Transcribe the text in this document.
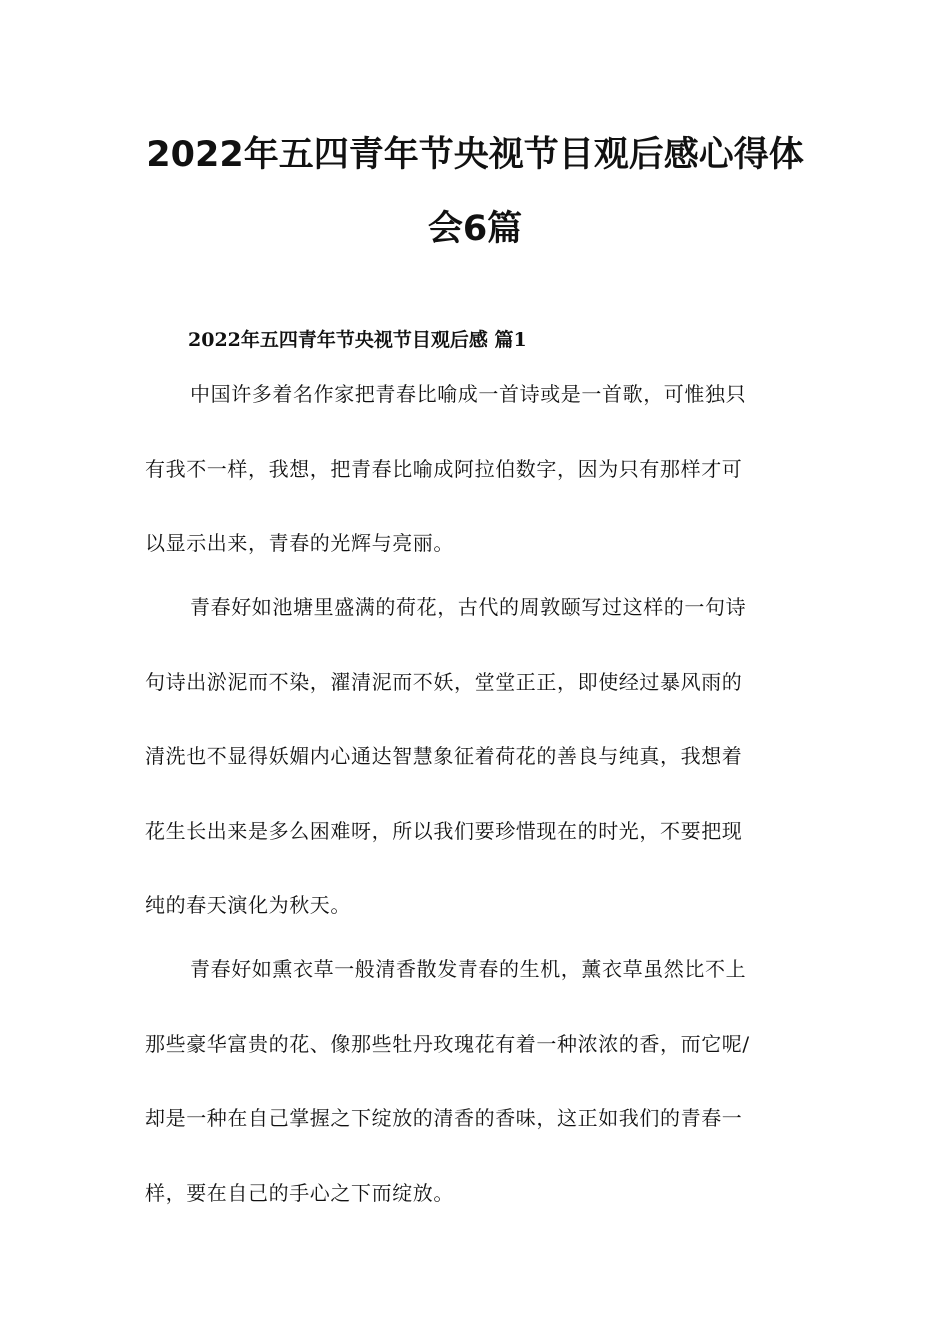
2022年五四青年节央视节目观后感心得体
会6篇
2022年五四青年节央视节目观后感 篇1

中国许多着名作家把青春比喻成一首诗或是一首歌，可惟独只

有我不一样，我想，把青春比喻成阿拉伯数字，因为只有那样才可

以显示出来，青春的光辉与亮丽。

青春好如池塘里盛满的荷花，古代的周敦颐写过这样的一句诗

句诗出淤泥而不染，濯清泥而不妖，堂堂正正，即使经过暴风雨的

清洗也不显得妖媚内心通达智慧象征着荷花的善良与纯真，我想着

花生长出来是多么困难呀，所以我们要珍惜现在的时光，不要把现

纯的春天演化为秋天。

青春好如熏衣草一般清香散发青春的生机，薰衣草虽然比不上

那些豪华富贵的花、像那些牡丹玫瑰花有着一种浓浓的香，而它呢/

却是一种在自己掌握之下绽放的清香的香味，这正如我们的青春一

样，要在自己的手心之下而绽放。
